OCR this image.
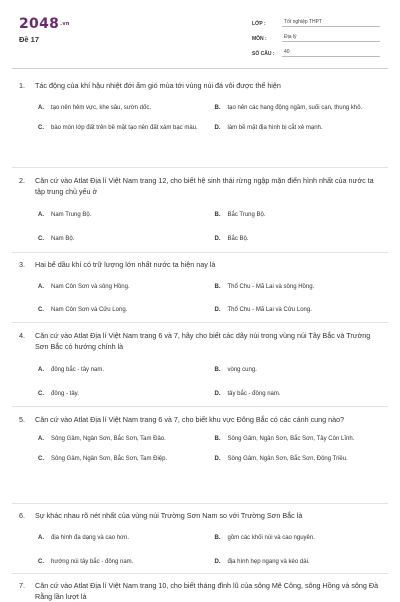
2048.vn
Đề 17
LỚP :	Tốt nghiệp THPT
MÔN :	Địa lý
SỐ CÂU :	40
1.	Tác động của khí hậu nhiệt đới ẩm gió mùa tới vùng núi đá vôi được thể hiện
A.	tạo nên hẻm vực, khe sâu, sườn dốc.	B.	tạo nên các hang động ngầm, suối cạn, thung khô.
C.	bào mòn lớp đất trên bề mặt tạo nên đất xám bạc màu.	D.	làm bề mặt địa hình bị cắt xẻ mạnh.
2.	Căn cứ vào Atlat Địa lí Việt Nam trang 12, cho biết hệ sinh thái rừng ngập mặn điển hình nhất của nước ta tập trung chủ yếu ở
A.	Nam Trung Bộ.	B.	Bắc Trung Bộ.
C.	Nam Bộ.	D.	Bắc Bộ.
3.	Hai bể dầu khí có trữ lượng lớn nhất nước ta hiện nay là
A.	Nam Côn Sơn và sông Hồng.	B.	Thổ Chu - Mã Lai và sông Hồng.
C.	Nam Côn Sơn và Cửu Long.	D.	Thổ Chu - Mã Lai và Cửu Long.
4.	Căn cứ vào Atlat Địa lí Việt Nam trang 6 và 7, hãy cho biết các dãy núi trong vùng núi Tây Bắc và Trường Sơn Bắc có hướng chính là
A.	đông bắc - tây nam.	B.	vòng cung.
C.	đông - tây.	D.	tây bắc - đông nam.
5.	Căn cứ vào Atlat Địa lí Việt Nam trang 6 và 7, cho biết khu vực Đông Bắc có các cánh cung nào?
A.	Sông Gâm, Ngân Sơn, Bắc Sơn, Tam Đảo.	B.	Sông Gâm, Ngân Sơn, Bắc Sơn, Tây Côn Lĩnh.
C.	Sông Gâm, Ngân Sơn, Bắc Sơn, Tam Điệp.	D.	Sông Gâm, Ngân Sơn, Bắc Sơn, Đông Triều.
6.	Sự khác nhau rõ nét nhất của vùng núi Trường Sơn Nam so với Trường Sơn Bắc là
A.	địa hình đa dạng và cao hơn.	B.	gồm các khối núi và cao nguyên.
C.	hướng núi tây bắc - đông nam.	D.	địa hình hẹp ngang và kéo dài.
7.	Căn cứ vào Atlat Địa lí Việt Nam trang 10, cho biết tháng đỉnh lũ của sông Mê Công, sông Hồng và sông Đà Rằng lần lượt là
